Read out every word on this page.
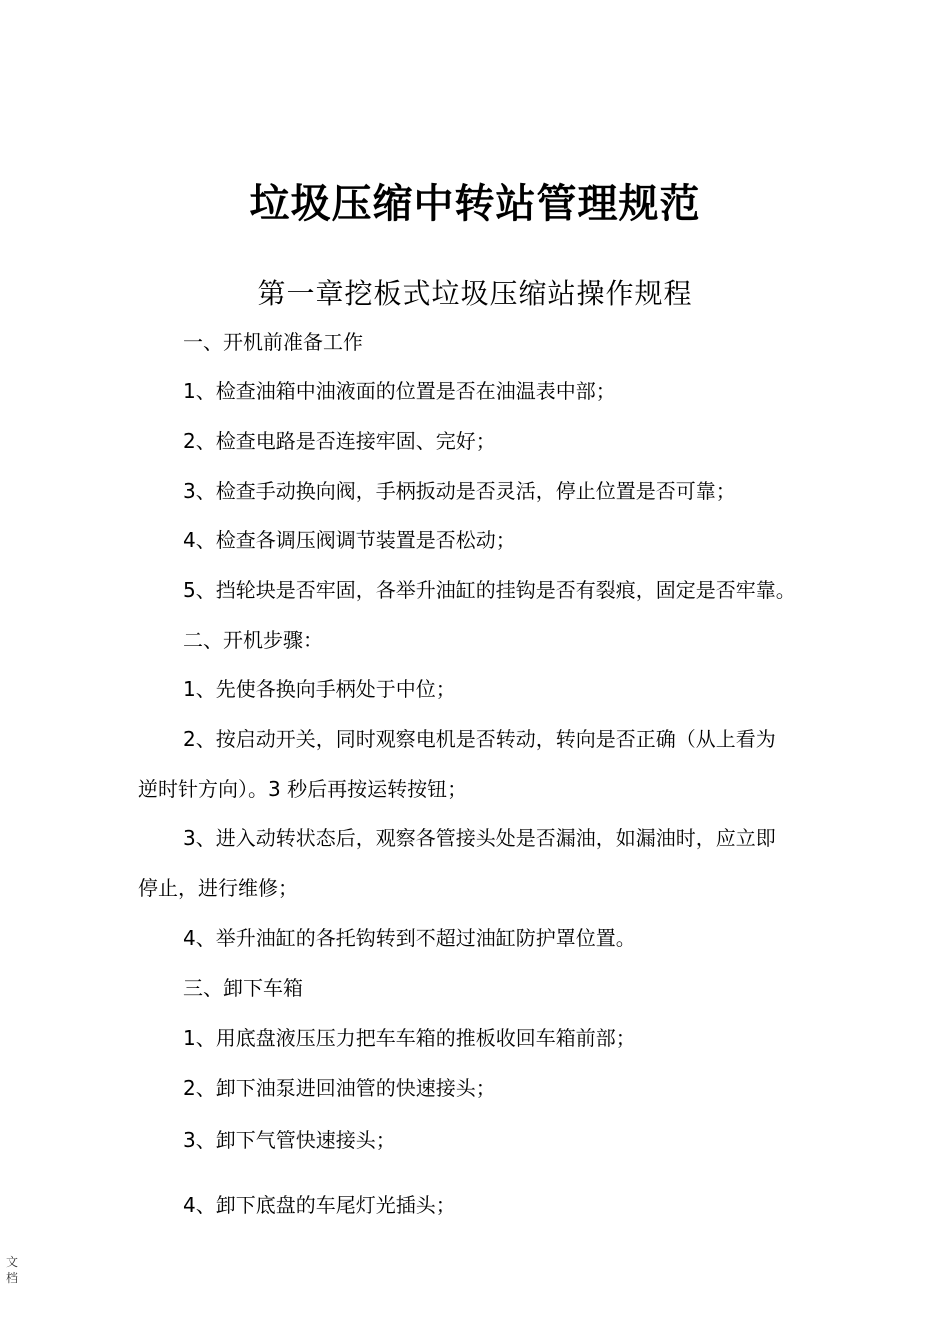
垃圾压缩中转站管理规范
第一章挖板式垃圾压缩站操作规程
一、开机前准备工作
1、检查油箱中油液面的位置是否在油温表中部；
2、检查电路是否连接牢固、完好；
3、检查手动换向阀，手柄扳动是否灵活，停止位置是否可靠；
4、检查各调压阀调节装置是否松动；
5、挡轮块是否牢固，各举升油缸的挂钩是否有裂痕，固定是否牢靠。
二、开机步骤：
1、先使各换向手柄处于中位；
2、按启动开关，同时观察电机是否转动，转向是否正确（从上看为
逆时针方向）。3 秒后再按运转按钮；
3、进入动转状态后，观察各管接头处是否漏油，如漏油时，应立即
停止，进行维修；
4、举升油缸的各托钩转到不超过油缸防护罩位置。
三、卸下车箱
1、用底盘液压压力把车车箱的推板收回车箱前部；
2、卸下油泵进回油管的快速接头；
3、卸下气管快速接头；
4、卸下底盘的车尾灯光插头；
文档
